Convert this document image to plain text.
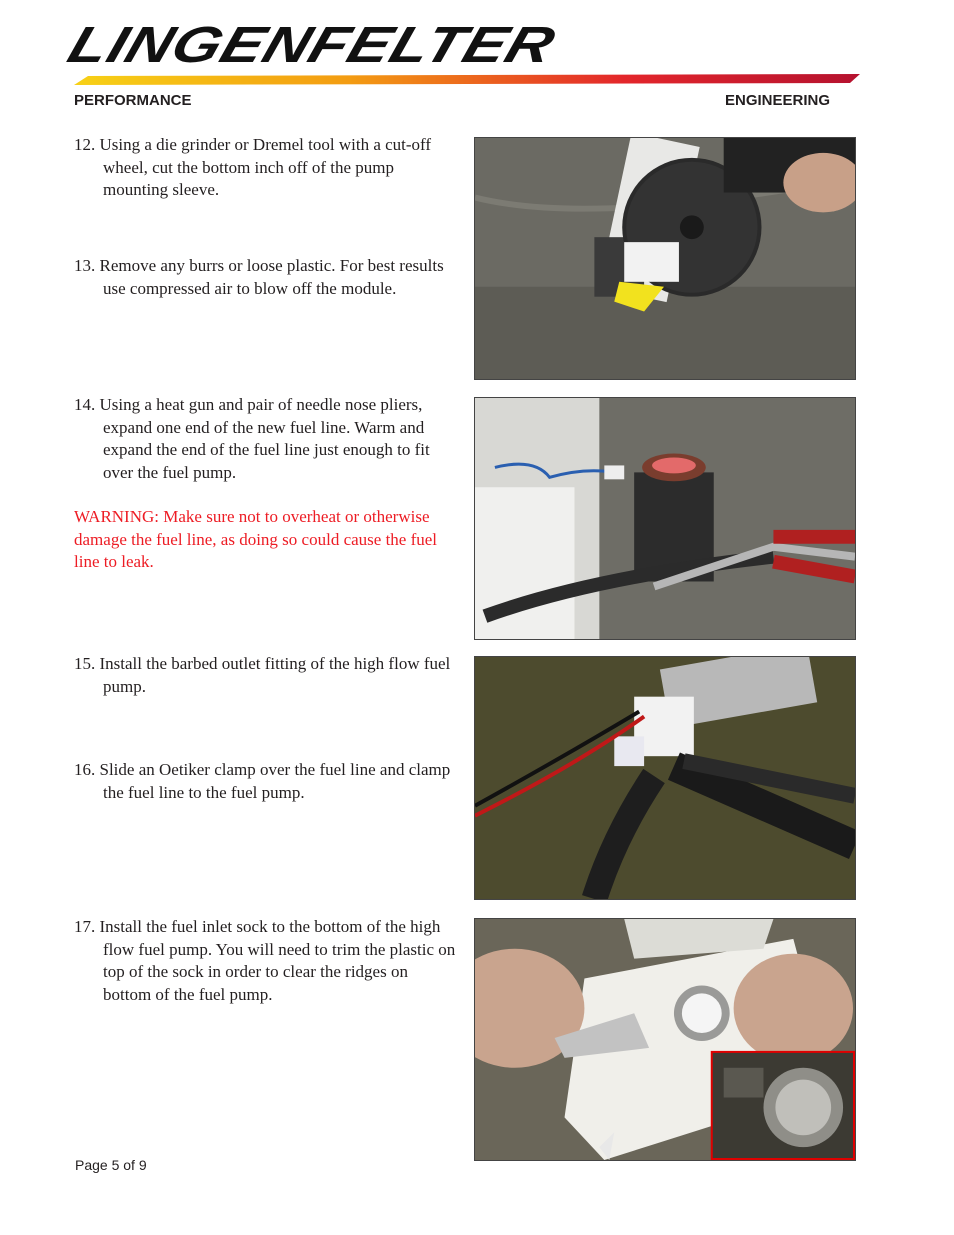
LINGENFELTER
PERFORMANCE ENGINEERING
12. Using a die grinder or Dremel tool with a cut-off wheel, cut the bottom inch off of the pump mounting sleeve.
13. Remove any burrs or loose plastic. For best results use compressed air to blow off the module.
14. Using a heat gun and pair of needle nose pliers, expand one end of the new fuel line. Warm and expand the end of the fuel line just enough to fit over the fuel pump.
WARNING: Make sure not to overheat or otherwise damage the fuel line, as doing so could cause the fuel line to leak.
15. Install the barbed outlet fitting of the high flow fuel pump.
16. Slide an Oetiker clamp over the fuel line and clamp the fuel line to the fuel pump.
17. Install the fuel inlet sock to the bottom of the high flow fuel pump. You will need to trim the plastic on top of the sock in order to clear the ridges on bottom of the fuel pump.
Page 5 of 9
